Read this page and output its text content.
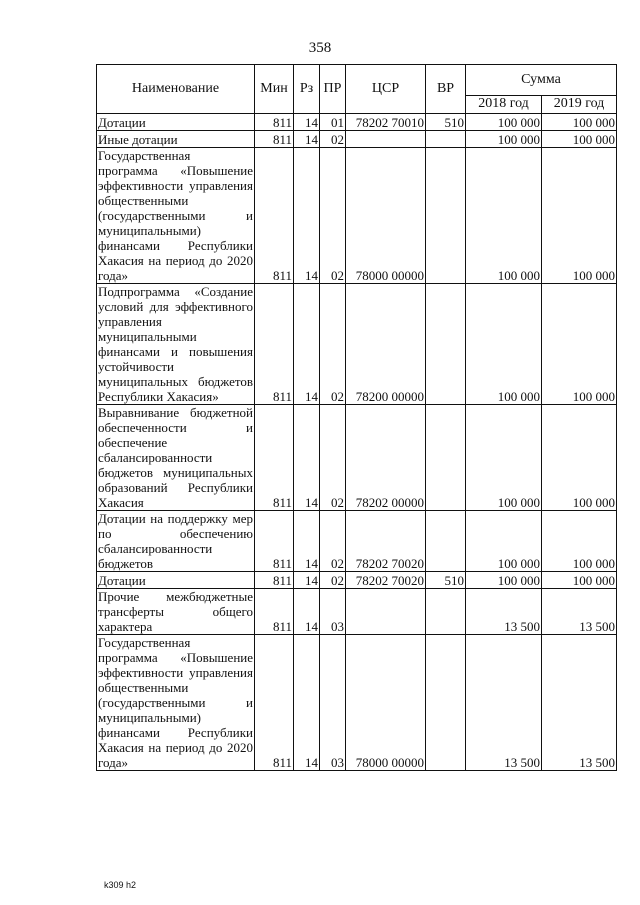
358
Наименование	Мин	Рз	ПР	ЦСР	ВР	Сумма	
						2018 год	2019 год
Дотации	811	14	01	78202 70010	510	100 000	100 000
Иные дотации	811	14	02			100 000	100 000
Государственная программа «Повышение эффективности управления общественными (государственными и муниципальными) финансами Республики Хакасия на период до 2020 года»	811	14	02	78000 00000		100 000	100 000
Подпрограмма «Создание условий для эффективного управления муниципальными финансами и повышения устойчивости муниципальных бюджетов Республики Хакасия»	811	14	02	78200 00000		100 000	100 000
Выравнивание бюджетной обеспеченности и обеспечение сбалансированности бюджетов муниципальных образований Республики Хакасия	811	14	02	78202 00000		100 000	100 000
Дотации на поддержку мер по обеспечению сбалансированности бюджетов	811	14	02	78202 70020		100 000	100 000
Дотации	811	14	02	78202 70020	510	100 000	100 000
Прочие межбюджетные трансферты общего характера	811	14	03			13 500	13 500
Государственная программа «Повышение эффективности управления общественными (государственными и муниципальными) финансами Республики Хакасия на период до 2020 года»	811	14	03	78000 00000		13 500	13 500
k309 h2
